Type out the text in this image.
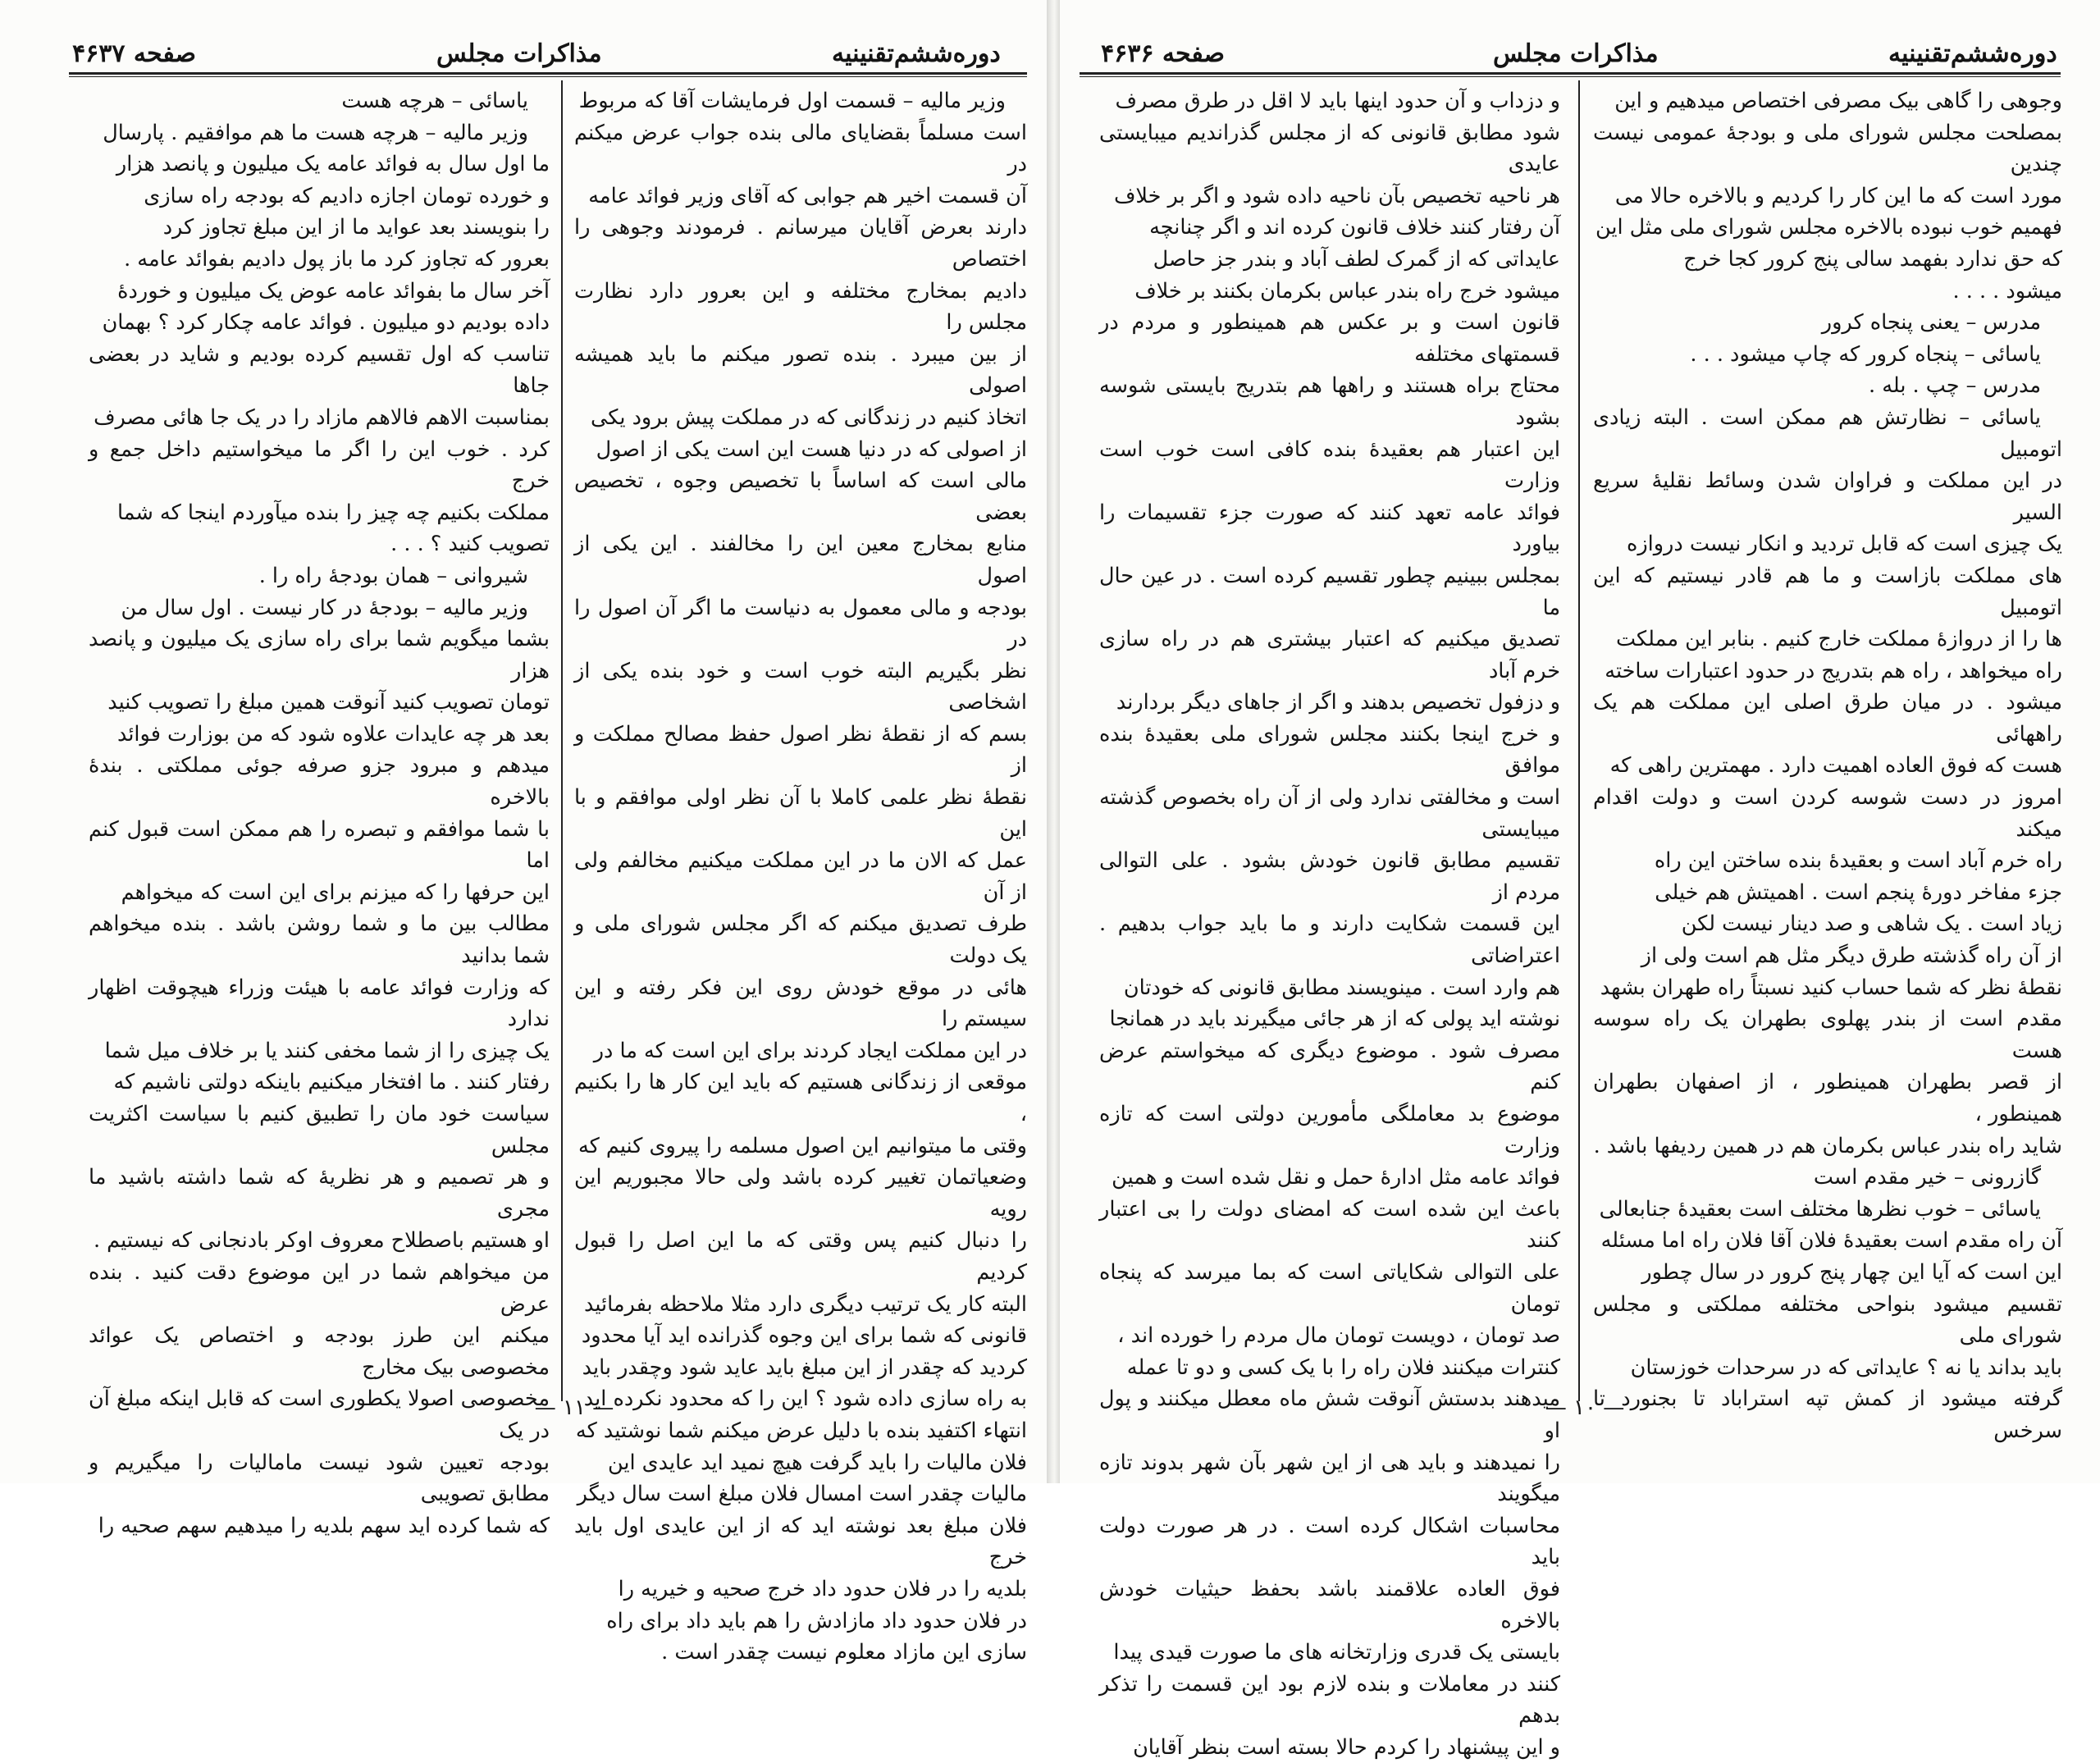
صفحه ۴۶۳۷	مذاکرات مجلس	دوره‌ششم‌تقنینیه

وزیر مالیه – قسمت اول فرمایشات آقا که مربوط

است مسلماً بقضایای مالی بنده جواب عرض میکنم در

آن قسمت اخیر هم جوابی که آقای وزیر فوائد عامه

دارند بعرض آقایان میرسانم . فرمودند وجوهی را اختصاص

دادیم بمخارج مختلفه و این بعرور دارد نظارت مجلس را

از بین میبرد . بنده تصور میکنم ما باید همیشه اصولی

اتخاذ کنیم در زندگانی که در مملکت پیش برود یکی

از اصولی که در دنیا هست این است یکی از اصول

مالی است که اساساً با تخصیص وجوه ، تخصیص بعضی

منابع بمخارج معین این را مخالفند . این یکی از اصول

بودجه و مالی معمول به دنیاست ما اگر آن اصول را در

نظر بگیریم البته خوب است و خود بنده یکی از اشخاصی

بسم که از نقطهٔ نظر اصول حفظ مصالح مملکت و از

نقطهٔ نظر علمی کاملا با آن نظر اولی موافقم و با این

عمل که الان ما در این مملکت میکنیم مخالفم ولی از آن

طرف تصدیق میکنم که اگر مجلس شورای ملی و یک دولت

هائی در موقع خودش روی این فکر رفته و این سیستم را

در این مملکت ایجاد کردند برای این است که ما در

موقعی از زندگانی هستیم که باید این کار ها را بکنیم ،

وقتی ما میتوانیم این اصول مسلمه را پیروی کنیم که

وضعیاتمان تغییر کرده باشد ولی حالا مجبوریم این رویه

را دنبال کنیم پس وقتی که ما این اصل را قبول کردیم

البته کار یک ترتیب دیگری دارد مثلا ملاحظه بفرمائید

قانونی که شما برای این وجوه گذرانده اید آیا محدود

کردید که چقدر از این مبلغ باید عاید شود وچقدر باید

به راه سازی داده شود ؟ این را که محدود نکرده اید

انتهاء اکتفید بنده با دلیل عرض میکنم شما نوشتید که

فلان مالیات را باید گرفت هیچ نمید اید عایدی این

مالیات چقدر است امسال فلان مبلغ است سال دیگر

فلان مبلغ بعد نوشته اید که از این عایدی اول باید خرج

بلدیه را در فلان حدود داد خرج صحیه و خیریه را

در فلان حدود داد مازادش را هم باید داد برای راه

سازی این مازاد معلوم نیست چقدر است .

یاسائی – هرچه هست

وزیر مالیه – هرچه هست ما هم موافقیم . پارسال

ما اول سال به فوائد عامه یک میلیون و پانصد هزار

و خورده تومان اجازه دادیم که بودجه راه سازی

را بنویسند بعد عواید ما از این مبلغ تجاوز کرد

بعرور که تجاوز کرد ما باز پول دادیم بفوائد عامه .

آخر سال ما بفوائد عامه عوض یک میلیون و خوردهٔ

داده بودیم دو میلیون . فوائد عامه چکار کرد ؟ بهمان

تناسب که اول تقسیم کرده بودیم و شاید در بعضی جاها

بمناسبت الاهم فالاهم مازاد را در یک جا هائی مصرف

کرد . خوب این را اگر ما میخواستیم داخل جمع و خرج

مملکت بکنیم چه چیز را بنده میآوردم اینجا که شما

تصویب کنید ؟ . . .

شیروانی – همان بودجهٔ راه را .

وزیر مالیه – بودجهٔ در کار نیست . اول سال من

بشما میگویم شما برای راه سازی یک میلیون و پانصد هزار

تومان تصویب کنید آنوقت همین مبلغ را تصویب کنید

بعد هر چه عایدات علاوه شود که من بوزارت فوائد

میدهم و مبرود جزو صرفه جوئی مملکتی . بندهٔ بالاخره

با شما موافقم و تبصره را هم ممکن است قبول کنم اما

این حرفها را که میزنم برای این است که میخواهم

مطالب بین ما و شما روشن باشد . بنده میخواهم شما بدانید

که وزارت فوائد عامه با هیئت وزراء هیچوقت اظهار ندارد

یک چیزی را از شما مخفی کنند یا بر خلاف میل شما

رفتار کنند . ما افتخار میکنیم باینکه دولتی ناشیم که

سیاست خود مان را تطبیق کنیم با سیاست اکثریت مجلس

و هر تصمیم و هر نظریهٔ که شما داشته باشید ما مجری

او هستیم باصطلاح معروف اوکر بادنجانی که نیستیم .

من میخواهم شما در این موضوع دقت کنید . بنده عرض

میکنم این طرز بودجه و اختصاص یک عوائد مخصوصی بیک مخارج

مخصوصی اصولا یکطوری است که قابل اینکه مبلغ آن در یک

بودجه تعیین شود نیست مامالیات را میگیریم و مطابق تصویبی

که شما کرده اید سهم بلدیه را میدهیم سهم صحیه را

— ۱۱ —
صفحه ۴۶۳۶	مذاکرات مجلس	دوره‌ششم‌تقنینیه

وجوهی را گاهی بیک مصرفی اختصاص میدهیم و این

بمصلحت مجلس شورای ملی و بودجهٔ عمومی نیست چندین

مورد است که ما این کار را کردیم و بالاخره حالا می

فهمیم خوب نبوده بالاخره مجلس شورای ملی مثل این

که حق ندارد بفهمد سالی پنج کرور کجا خرج

میشود . . . .

مدرس – یعنی پنجاه کرور

یاسائی – پنجاه کرور که چاپ میشود . . .

مدرس – چپ . بله .

یاسائی – نظارتش هم ممکن است . البته زیادی اتومبیل

در این مملکت و فراوان شدن وسائط نقلیهٔ سریع السیر

یک چیزی است که قابل تردید و انکار نیست دروازه

های مملکت بازاست و ما هم قادر نیستیم که این اتومبیل

ها را از دروازهٔ مملکت خارج کنیم . بنابر این مملکت

راه میخواهد ، راه هم بتدریج در حدود اعتبارات ساخته

میشود . در میان طرق اصلی این مملکت هم یک راههائی

هست که فوق العاده اهمیت دارد . مهمترین راهی که

امروز در دست شوسه کردن است و دولت اقدام میکند

راه خرم آباد است و بعقیدهٔ بنده ساختن این راه

جزء مفاخر دورهٔ پنجم است . اهمیتش هم خیلی

زیاد است . یک شاهی و صد دینار نیست لکن

از آن راه گذشته طرق دیگر مثل هم است ولی از

نقطهٔ نظر که شما حساب کنید نسبتاً راه طهران بشهد

مقدم است از بندر پهلوی بطهران یک راه سوسه هست

از قصر بطهران همینطور ، از اصفهان بطهران همینطور ،

شاید راه بندر عباس بکرمان هم در همین ردیفها باشد .

گازرونی – خیر مقدم است

یاسائی – خوب نظرها مختلف است بعقیدهٔ جنابعالی

آن راه مقدم است بعقیدهٔ فلان آقا فلان راه اما مسئله

این است که آیا این چهار پنج کرور در سال چطور

تقسیم میشود بنواحی مختلفه مملکتی و مجلس شورای ملی

باید بداند یا نه ؟ عایداتی که در سرحدات خوزستان

گرفته میشود از کمش تپه استراباد تا بجنورد تا سرخس

و دزداب و آن حدود اینها باید لا اقل در طرق مصرف

شود مطابق قانونی که از مجلس گذراندیم میبایستی عایدی

هر ناحیه تخصیص بآن ناحیه داده شود و اگر بر خلاف

آن رفتار کنند خلاف قانون کرده اند و اگر چنانچه

عایداتی که از گمرک لطف آباد و بندر جز حاصل

میشود خرج راه بندر عباس بکرمان بکنند بر خلاف

قانون است و بر عکس هم همینطور و مردم در قسمتهای مختلفه

محتاج براه هستند و راهها هم بتدریج بایستی شوسه بشود

این اعتبار هم بعقیدهٔ بنده کافی است خوب است وزارت

فوائد عامه تعهد کنند که صورت جزء تقسیمات را بیاورد

بمجلس ببینیم چطور تقسیم کرده است . در عین حال ما

تصدیق میکنیم که اعتبار بیشتری هم در راه سازی خرم آباد

و دزفول تخصیص بدهند و اگر از جاهای دیگر بردارند

و خرج اینجا بکنند مجلس شورای ملی بعقیدهٔ بنده موافق

است و مخالفتی ندارد ولی از آن راه بخصوص گذشته میبایستی

تقسیم مطابق قانون خودش بشود . علی التوالی مردم از

این قسمت شکایت دارند و ما باید جواب بدهیم . اعتراضاتی

هم وارد است . مینویسند مطابق قانونی که خودتان

نوشته اید پولی که از هر جائی میگیرند باید در همانجا

مصرف شود . موضوع دیگری که میخواستم عرض کنم

موضوع بد معاملگی مأمورین دولتی است که تازه وزارت

فوائد عامه مثل ادارهٔ حمل و نقل شده است و همین

باعث این شده است که امضای دولت را بی اعتبار کنند

علی التوالی شکایاتی است که بما میرسد که پنجاه تومان

صد تومان ، دویست تومان مال مردم را خورده اند ،

کنترات میکنند فلان راه را با یک کسی و دو تا عمله

میدهند بدستش آنوقت شش ماه معطل میکنند و پول او

را نمیدهند و باید هی از این شهر بآن شهر بدوند تازه میگویند

محاسبات اشکال کرده است . در هر صورت دولت باید

فوق العاده علاقمند باشد بحفظ حیثیات خودش بالاخره

بایستی یک قدری وزارتخانه های ما صورت قیدی پیدا

کنند در معاملات و بنده لازم بود این قسمت را تذکر بدهم

و این پیشنهاد را کردم حالا بسته است بنظر آقایان

— ۱۰ —
